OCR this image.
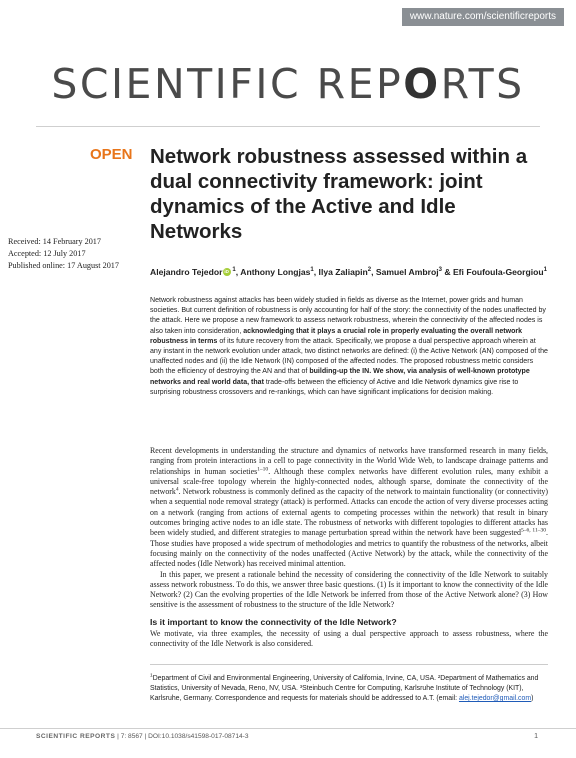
www.nature.com/scientificreports
SCIENTIFIC REPORTS
OPEN Network robustness assessed within a dual connectivity framework: joint dynamics of the Active and Idle Networks
Received: 14 February 2017
Accepted: 12 July 2017
Published online: 17 August 2017
Alejandro Tejedor iD $^1$, Anthony Longjas$^1$, Ilya Zaliapin$^2$, Samuel Ambroj$^3$ & Efi Foufoula-Georgiou$^1$
Network robustness against attacks has been widely studied in fields as diverse as the Internet, power grids and human societies. But current definition of robustness is only accounting for half of the story: the connectivity of the nodes unaffected by the attack. Here we propose a new framework to assess network robustness, wherein the connectivity of the affected nodes is also taken into consideration, acknowledging that it plays a crucial role in properly evaluating the overall network robustness in terms of its future recovery from the attack. Specifically, we propose a dual perspective approach wherein at any instant in the network evolution under attack, two distinct networks are defined: (i) the Active Network (AN) composed of the unaffected nodes and (ii) the Idle Network (IN) composed of the affected nodes. The proposed robustness metric considers both the efficiency of destroying the AN and that of building-up the IN. We show, via analysis of well-known prototype networks and real world data, that trade-offs between the efficiency of Active and Idle Network dynamics give rise to surprising robustness crossovers and re-rankings, which can have significant implications for decision making.

Recent developments in understanding the structure and dynamics of networks have transformed research in many fields, ranging from protein interactions in a cell to page connectivity in the World Wide Web, to landscape drainage patterns and relationships in human societies$^{1-10}$. Although these complex networks have different evolution rules, many exhibit a universal scale-free topology wherein the highly-connected nodes, although sparse, dominate the connectivity of the network$^4$. Network robustness is commonly defined as the capacity of the network to maintain functionality (or connectivity) when a sequential node removal strategy (attack) is performed. Attacks can encode the action of very diverse processes acting on a network (ranging from actions of external agents to competing processes within the network) that result in binary outcomes bringing active nodes to an idle state. The robustness of networks with different topologies to different attacks has been widely studied, and different strategies to manage perturbation spread within the network have been suggested$^{5-6, 11-30}$. Those studies have proposed a wide spectrum of methodologies and metrics to quantify the robustness of the networks, albeit focusing mainly on the connectivity of the nodes unaffected (Active Network) by the attack, while the connectivity of the affected nodes (Idle Network) has received minimal attention.

In this paper, we present a rationale behind the necessity of considering the connectivity of the Idle Network to suitably assess network robustness. To do this, we answer three basic questions. (1) Is it important to know the connectivity of the Idle Network? (2) Can the evolving properties of the Idle Network be inferred from those of the Active Network alone? (3) How sensitive is the assessment of robustness to the structure of the Idle Network?

Is it important to know the connectivity of the Idle Network?
We motivate, via three examples, the necessity of using a dual perspective approach to assess robustness, where the connectivity of the Idle Network is also considered.
$^1$Department of Civil and Environmental Engineering, University of California, Irvine, CA, USA. ²Department of Mathematics and Statistics, University of Nevada, Reno, NV, USA. ³Steinbuch Centre for Computing, Karlsruhe Institute of Technology (KIT), Karlsruhe, Germany. Correspondence and requests for materials should be addressed to A.T. (email: alej.tejedor@gmail.com)
SCIENTIFIC REPORTS | 7: 8567 | DOI:10.1038/s41598-017-08714-3	1
